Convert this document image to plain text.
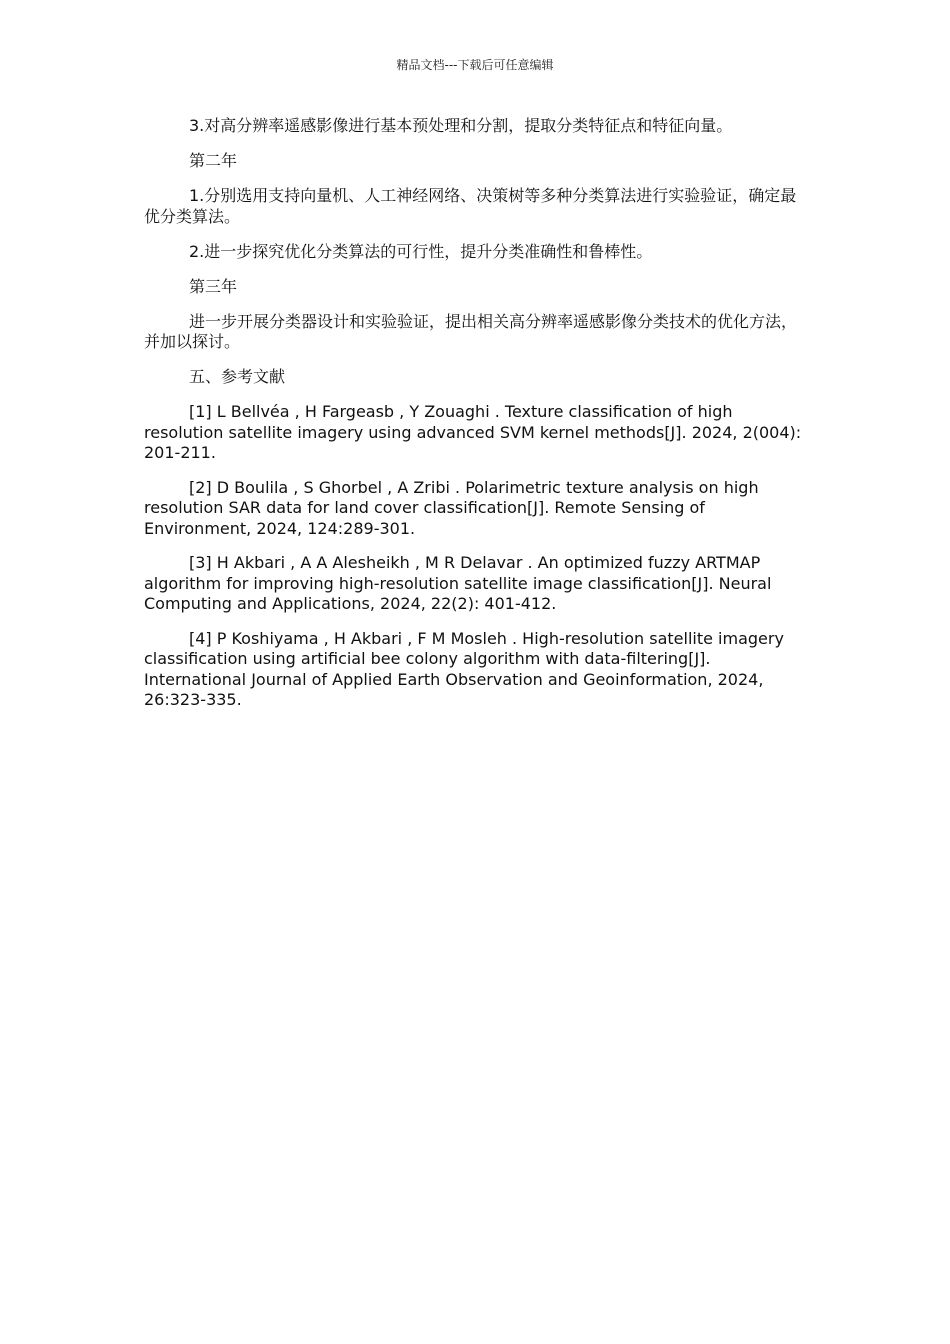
精品文档---下载后可任意编辑

3.对高分辨率遥感影像进行基本预处理和分割，提取分类特征点和特征向量。

第二年

1.分别选用支持向量机、人工神经网络、决策树等多种分类算法进行实验验证，确定最优分类算法。

2.进一步探究优化分类算法的可行性，提升分类准确性和鲁棒性。

第三年

进一步开展分类器设计和实验验证，提出相关高分辨率遥感影像分类技术的优化方法，并加以探讨。

五、参考文献

[1] L Bellvéa , H Fargeasb , Y Zouaghi . Texture classification of high resolution satellite imagery using advanced SVM kernel methods[J]. 2024, 2(004): 201-211.

[2] D Boulila , S Ghorbel , A Zribi . Polarimetric texture analysis on high resolution SAR data for land cover classification[J]. Remote Sensing of Environment, 2024, 124:289-301.

[3] H Akbari , A A Alesheikh , M R Delavar . An optimized fuzzy ARTMAP algorithm for improving high-resolution satellite image classification[J]. Neural Computing and Applications, 2024, 22(2): 401-412.

[4] P Koshiyama , H Akbari , F M Mosleh . High-resolution satellite imagery classification using artificial bee colony algorithm with data-filtering[J]. International Journal of Applied Earth Observation and Geoinformation, 2024, 26:323-335.
